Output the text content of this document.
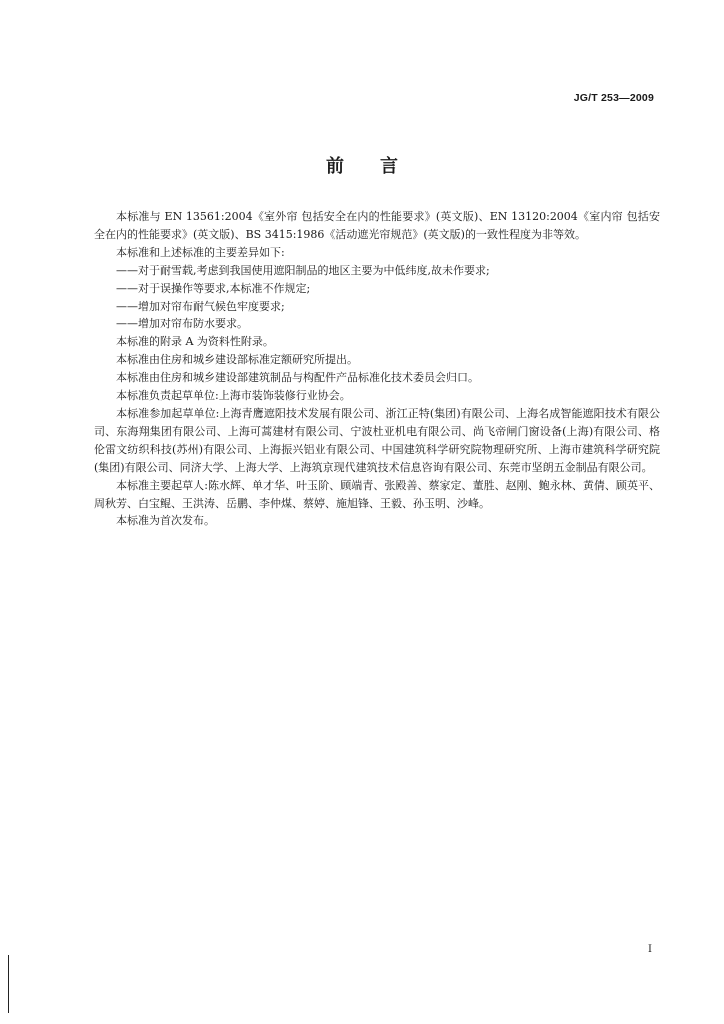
JG/T 253—2009
前言

本标准与 EN 13561:2004《室外帘 包括安全在内的性能要求》(英文版)、EN 13120:2004《室内帘 包括安全在内的性能要求》(英文版)、BS 3415:1986《活动遮光帘规范》(英文版)的一致性程度为非等效。

本标准和上述标准的主要差异如下:

——对于耐雪载,考虑到我国使用遮阳制品的地区主要为中低纬度,故未作要求;

——对于误操作等要求,本标准不作规定;

——增加对帘布耐气候色牢度要求;

——增加对帘布防水要求。

本标准的附录 A 为资料性附录。

本标准由住房和城乡建设部标准定额研究所提出。

本标准由住房和城乡建设部建筑制品与构配件产品标准化技术委员会归口。

本标准负责起草单位:上海市装饰装修行业协会。

本标准参加起草单位:上海青鹰遮阳技术发展有限公司、浙江正特(集团)有限公司、上海名成智能遮阳技术有限公司、东海翔集团有限公司、上海可蒿建材有限公司、宁波杜亚机电有限公司、尚飞帝闸门窗设备(上海)有限公司、格伦雷文纺织科技(苏州)有限公司、上海振兴铝业有限公司、中国建筑科学研究院物理研究所、上海市建筑科学研究院(集团)有限公司、同济大学、上海大学、上海筑京现代建筑技术信息咨询有限公司、东莞市坚朗五金制品有限公司。

本标准主要起草人:陈水辉、单才华、叶玉阶、顾端青、张殿善、蔡家定、董胜、赵刚、鲍永林、黄倩、顾英平、周秋芳、白宝鲲、王洪涛、岳鹏、李仲煤、蔡婷、施旭锋、王毅、孙玉明、沙峰。

本标准为首次发布。

I
